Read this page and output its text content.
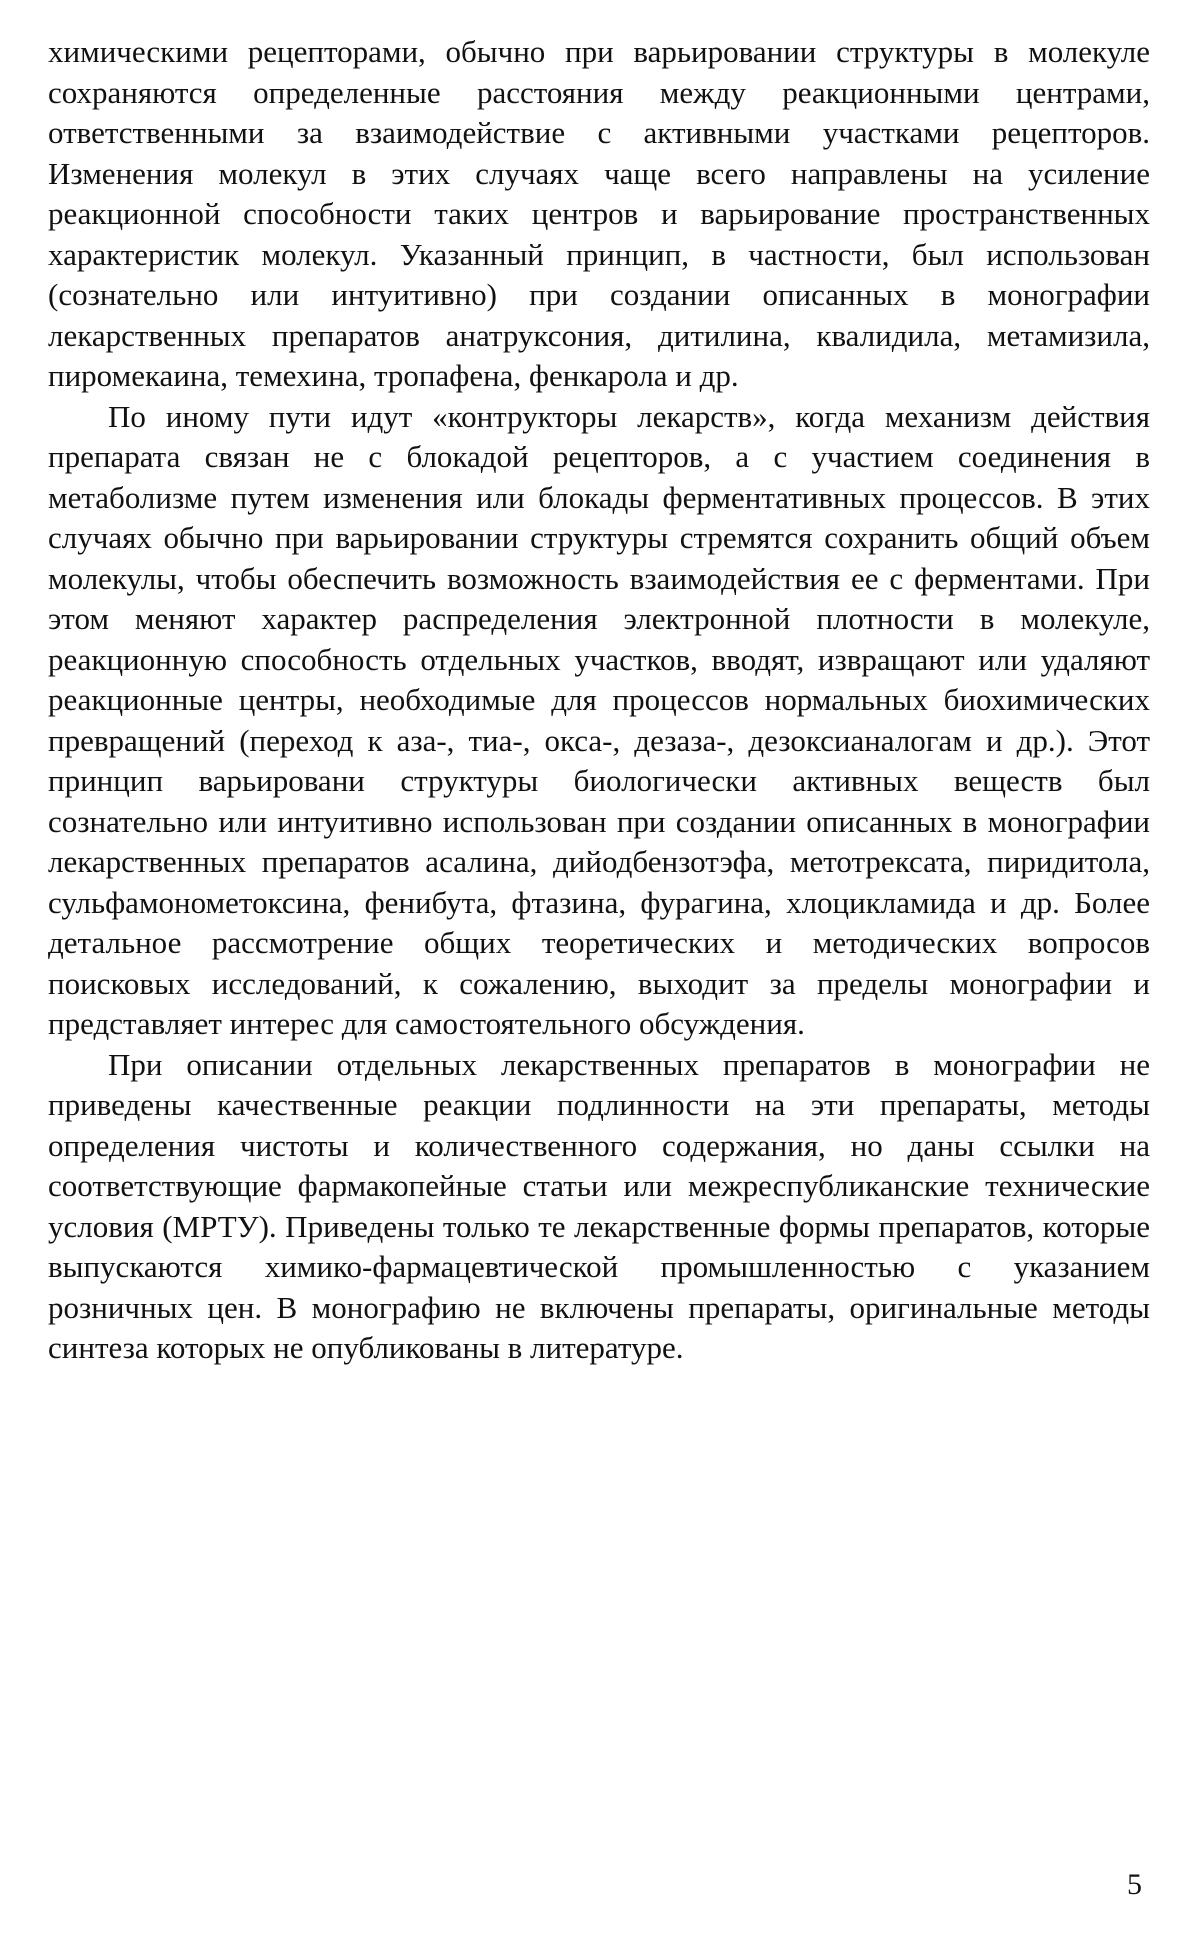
химическими рецепторами, обычно при варьировании структуры в молекуле сохраняются определенные расстояния между реакционными центрами, ответственными за взаимодействие с активными участками рецепторов. Изменения молекул в этих случаях чаще всего направлены на усиление реакционной способности таких центров и варьирование пространственных характеристик молекул. Указанный принцип, в частности, был использован (сознательно или интуитивно) при создании описанных в монографии лекарственных препаратов анатруксония, дитилина, квалидила, метамизила, пиромекаина, темехина, тропафена, фенкарола и др.

По иному пути идут «контрукторы лекарств», когда механизм действия препарата связан не с блокадой рецепторов, а с участием соединения в метаболизме путем изменения или блокады ферментативных процессов. В этих случаях обычно при варьировании структуры стремятся сохранить общий объем молекулы, чтобы обеспечить возможность взаимодействия ее с ферментами. При этом меняют характер распределения электронной плотности в молекуле, реакционную способность отдельных участков, вводят, извращают или удаляют реакционные центры, необходимые для процессов нормальных биохимических превращений (переход к аза-, тиа-, окса-, дезаза-, дезоксианалогам и др.). Этот принцип варьировани структуры биологически активных веществ был сознательно или интуитивно использован при создании описанных в монографии лекарственных препаратов асалина, дийодбензотэфа, метотрексата, пиридитола, сульфамонометоксина, фенибута, фтазина, фурагина, хлоцикламида и др. Более детальное рассмотрение общих теоретических и методических вопросов поисковых исследований, к сожалению, выходит за пределы монографии и представляет интерес для самостоятельного обсуждения.

При описании отдельных лекарственных препаратов в монографии не приведены качественные реакции подлинности на эти препараты, методы определения чистоты и количественного содержания, но даны ссылки на соответствующие фармакопейные статьи или межреспубликанские технические условия (МРТУ). Приведены только те лекарственные формы препаратов, которые выпускаются химико-фармацевтической промышленностью с указанием розничных цен. В монографию не включены препараты, оригинальные методы синтеза которых не опубликованы в литературе.

5
